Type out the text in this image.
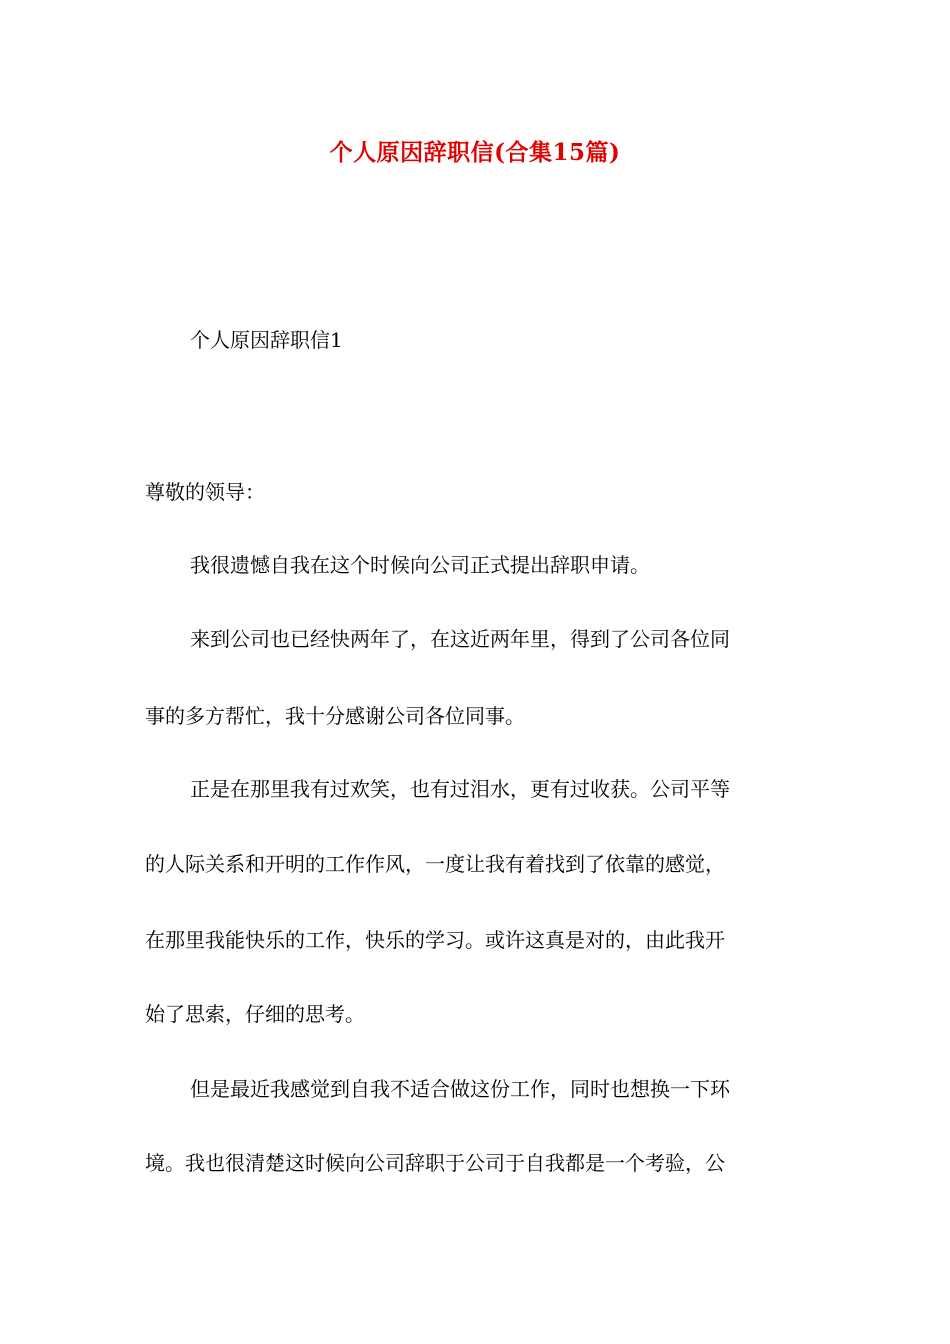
个人原因辞职信(合集15篇)
个人原因辞职信1
尊敬的领导：
我很遗憾自我在这个时候向公司正式提出辞职申请。
来到公司也已经快两年了，在这近两年里，得到了公司各位同
事的多方帮忙，我十分感谢公司各位同事。
正是在那里我有过欢笑，也有过泪水，更有过收获。公司平等
的人际关系和开明的工作作风，一度让我有着找到了依靠的感觉，
在那里我能快乐的工作，快乐的学习。或许这真是对的，由此我开
始了思索，仔细的思考。
但是最近我感觉到自我不适合做这份工作，同时也想换一下环
境。我也很清楚这时候向公司辞职于公司于自我都是一个考验，公
